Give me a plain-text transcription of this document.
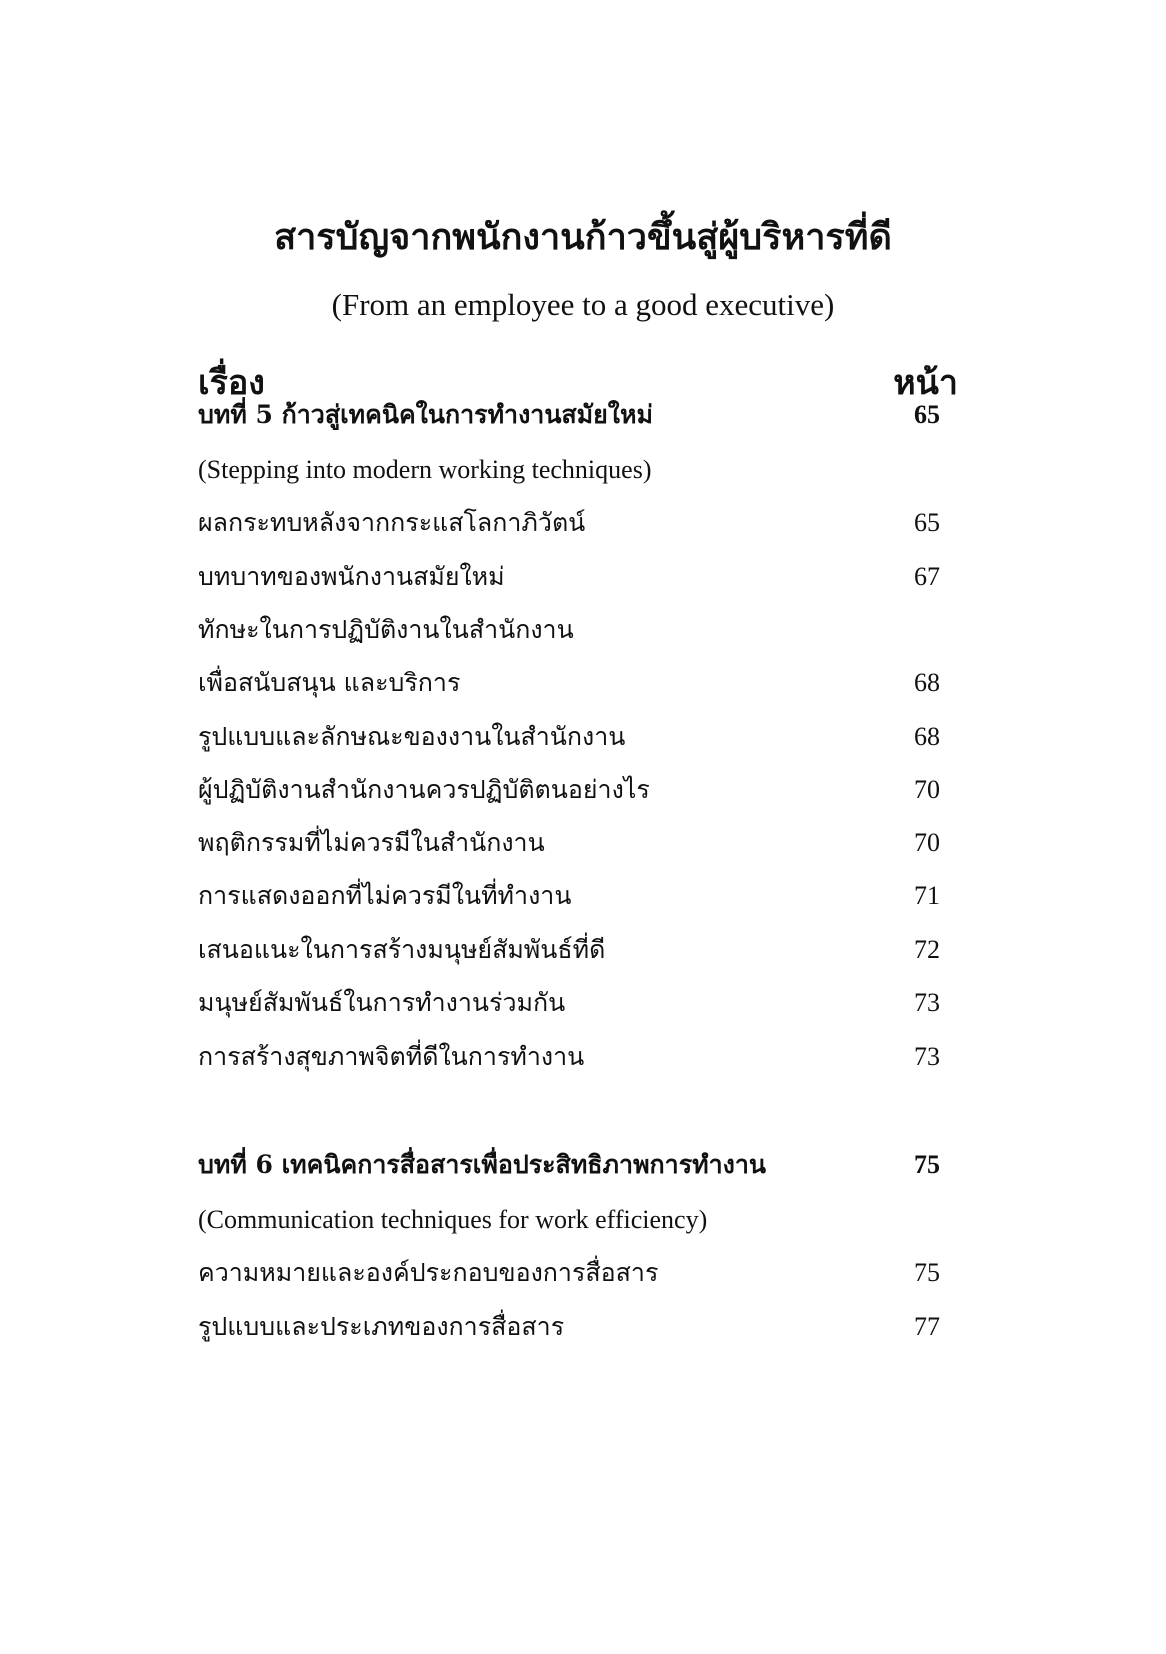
สารบัญจากพนักงานก้าวขึ้นสู่ผู้บริหารที่ดี
(From an employee to a good executive)
เรื่อง	หน้า
บทที่ 5 ก้าวสู่เทคนิคในการทำงานสมัยใหม่	65
(Stepping into modern working techniques)
ผลกระทบหลังจากกระแสโลกาภิวัตน์	65
บทบาทของพนักงานสมัยใหม่	67
ทักษะในการปฏิบัติงานในสำนักงาน
เพื่อสนับสนุน และบริการ	68
รูปแบบและลักษณะของงานในสำนักงาน	68
ผู้ปฏิบัติงานสำนักงานควรปฏิบัติตนอย่างไร	70
พฤติกรรมที่ไม่ควรมีในสำนักงาน	70
การแสดงออกที่ไม่ควรมีในที่ทำงาน	71
เสนอแนะในการสร้างมนุษย์สัมพันธ์ที่ดี	72
มนุษย์สัมพันธ์ในการทำงานร่วมกัน	73
การสร้างสุขภาพจิตที่ดีในการทำงาน	73
บทที่ 6 เทคนิคการสื่อสารเพื่อประสิทธิภาพการทำงาน	75
(Communication techniques for work efficiency)
ความหมายและองค์ประกอบของการสื่อสาร	75
รูปแบบและประเภทของการสื่อสาร	77
